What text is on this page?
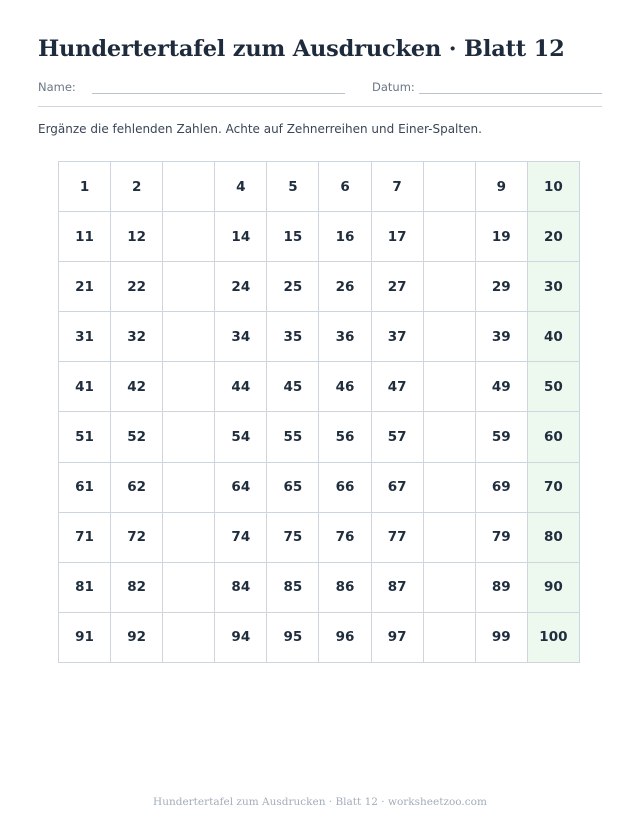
Hundertertafel zum Ausdrucken · Blatt 12
Name:	Datum:
Ergänze die fehlenden Zahlen. Achte auf Zehnerreihen und Einer-Spalten.
1	2		4	5	6	7		9	10
11	12		14	15	16	17		19	20
21	22		24	25	26	27		29	30
31	32		34	35	36	37		39	40
41	42		44	45	46	47		49	50
51	52		54	55	56	57		59	60
61	62		64	65	66	67		69	70
71	72		74	75	76	77		79	80
81	82		84	85	86	87		89	90
91	92		94	95	96	97		99	100
Hundertertafel zum Ausdrucken · Blatt 12 · worksheetzoo.com
